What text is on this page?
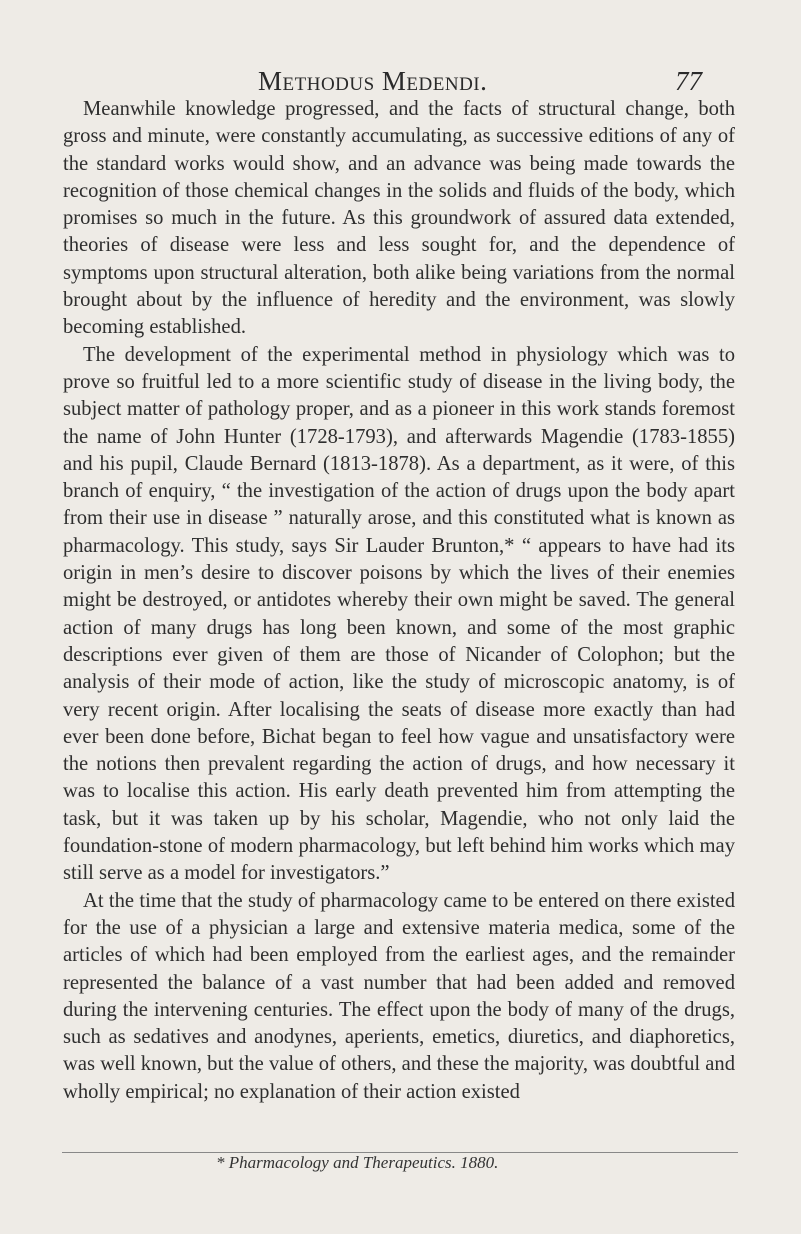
Methodus Medendi.	77

Meanwhile knowledge progressed, and the facts of structural change, both gross and minute, were constantly accumulating, as successive editions of any of the standard works would show, and an advance was being made towards the recognition of those chemical changes in the solids and fluids of the body, which promises so much in the future. As this groundwork of assured data extended, theories of disease were less and less sought for, and the dependence of symptoms upon structural alteration, both alike being variations from the normal brought about by the influence of heredity and the environment, was slowly becoming established.

The development of the experimental method in physiology which was to prove so fruitful led to a more scientific study of disease in the living body, the subject matter of pathology proper, and as a pioneer in this work stands foremost the name of John Hunter (1728-1793), and afterwards Magendie (1783-1855) and his pupil, Claude Bernard (1813-1878). As a department, as it were, of this branch of enquiry, “ the investigation of the action of drugs upon the body apart from their use in disease ” naturally arose, and this constituted what is known as pharmacology. This study, says Sir Lauder Brunton,* “ appears to have had its origin in men’s desire to discover poisons by which the lives of their enemies might be destroyed, or antidotes whereby their own might be saved. The general action of many drugs has long been known, and some of the most graphic descriptions ever given of them are those of Nicander of Colophon; but the analysis of their mode of action, like the study of microscopic anatomy, is of very recent origin. After localising the seats of disease more exactly than had ever been done before, Bichat began to feel how vague and unsatisfactory were the notions then prevalent regarding the action of drugs, and how necessary it was to localise this action. His early death prevented him from attempting the task, but it was taken up by his scholar, Magendie, who not only laid the foundation-stone of modern pharmacology, but left behind him works which may still serve as a model for investigators.”

At the time that the study of pharmacology came to be entered on there existed for the use of a physician a large and extensive materia medica, some of the articles of which had been employed from the earliest ages, and the remainder represented the balance of a vast number that had been added and removed during the intervening centuries. The effect upon the body of many of the drugs, such as sedatives and anodynes, aperients, emetics, diuretics, and diaphoretics, was well known, but the value of others, and these the majority, was doubtful and wholly empirical; no explanation of their action existed

* Pharmacology and Therapeutics. 1880.
